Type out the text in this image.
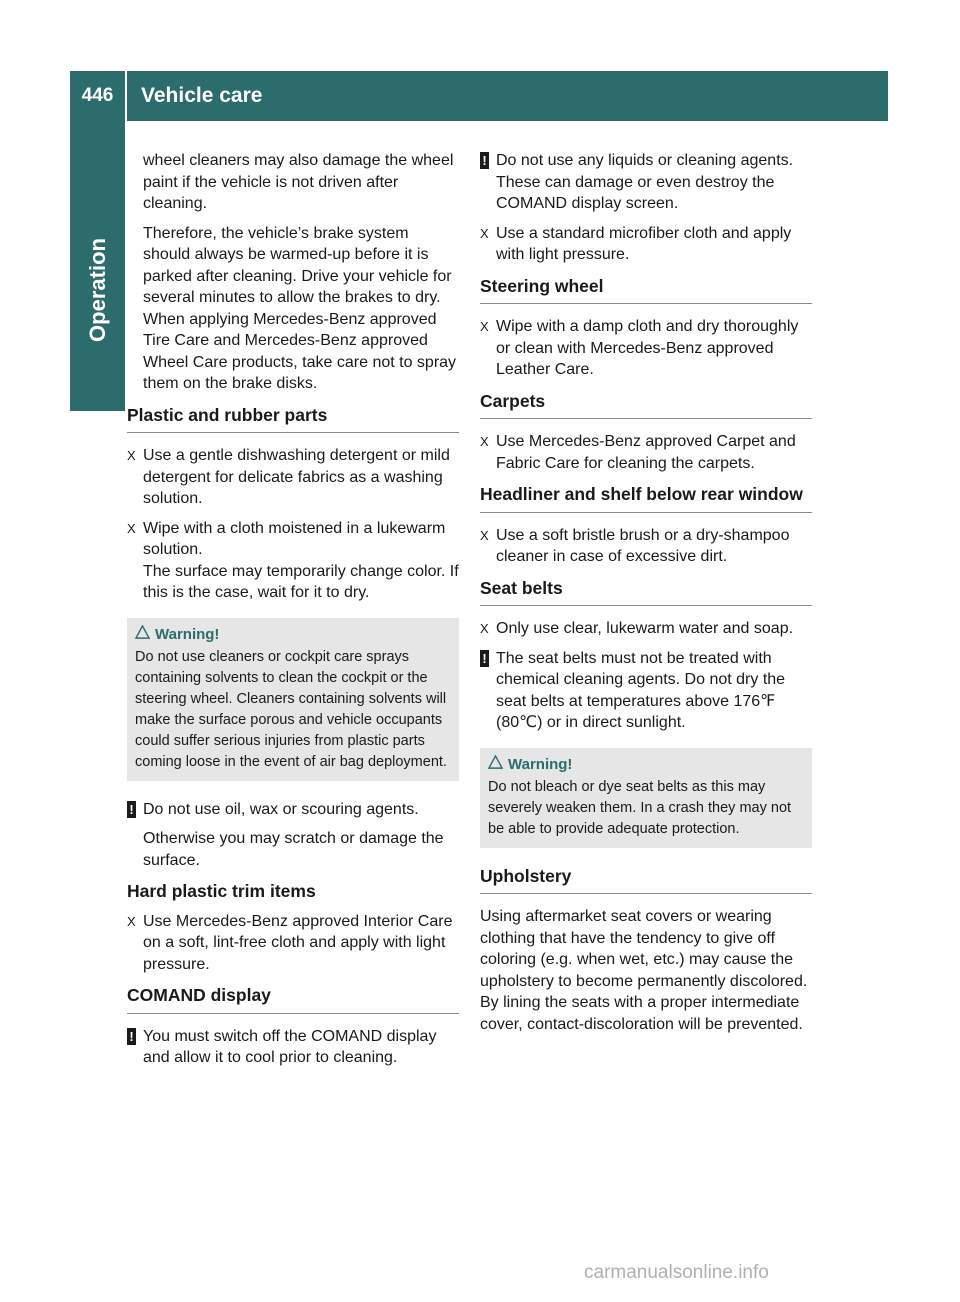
446	Vehicle care
Operation

wheel cleaners may also damage the wheel paint if the vehicle is not driven after cleaning.

Therefore, the vehicle’s brake system should always be warmed-up before it is parked after cleaning. Drive your vehicle for several minutes to allow the brakes to dry. When applying Mercedes-Benz approved Tire Care and Mercedes-Benz approved Wheel Care products, take care not to spray them on the brake disks.

Plastic and rubber parts
X Use a gentle dishwashing detergent or mild detergent for delicate fabrics as a washing solution.
X Wipe with a cloth moistened in a lukewarm solution.
The surface may temporarily change color. If this is the case, wait for it to dry.
Warning!
Do not use cleaners or cockpit care sprays containing solvents to clean the cockpit or the steering wheel. Cleaners containing solvents will make the surface porous and vehicle occupants could suffer serious injuries from plastic parts coming loose in the event of air bag deployment.
! Do not use oil, wax or scouring agents.

Otherwise you may scratch or damage the surface.

Hard plastic trim items
X Use Mercedes-Benz approved Interior Care on a soft, lint-free cloth and apply with light pressure.
COMAND display
! You must switch off the COMAND display and allow it to cool prior to cleaning.
! Do not use any liquids or cleaning agents. These can damage or even destroy the COMAND display screen.
X Use a standard microfiber cloth and apply with light pressure.
Steering wheel
X Wipe with a damp cloth and dry thoroughly or clean with Mercedes-Benz approved Leather Care.
Carpets
X Use Mercedes-Benz approved Carpet and Fabric Care for cleaning the carpets.
Headliner and shelf below rear window
X Use a soft bristle brush or a dry-shampoo cleaner in case of excessive dirt.
Seat belts
X Only use clear, lukewarm water and soap.
! The seat belts must not be treated with chemical cleaning agents. Do not dry the seat belts at temperatures above 176℉ (80℃) or in direct sunlight.
Warning!
Do not bleach or dye seat belts as this may severely weaken them. In a crash they may not be able to provide adequate protection.
Upholstery

Using aftermarket seat covers or wearing clothing that have the tendency to give off coloring (e.g. when wet, etc.) may cause the upholstery to become permanently discolored. By lining the seats with a proper intermediate cover, contact-discoloration will be prevented.

carmanualsonline.info
